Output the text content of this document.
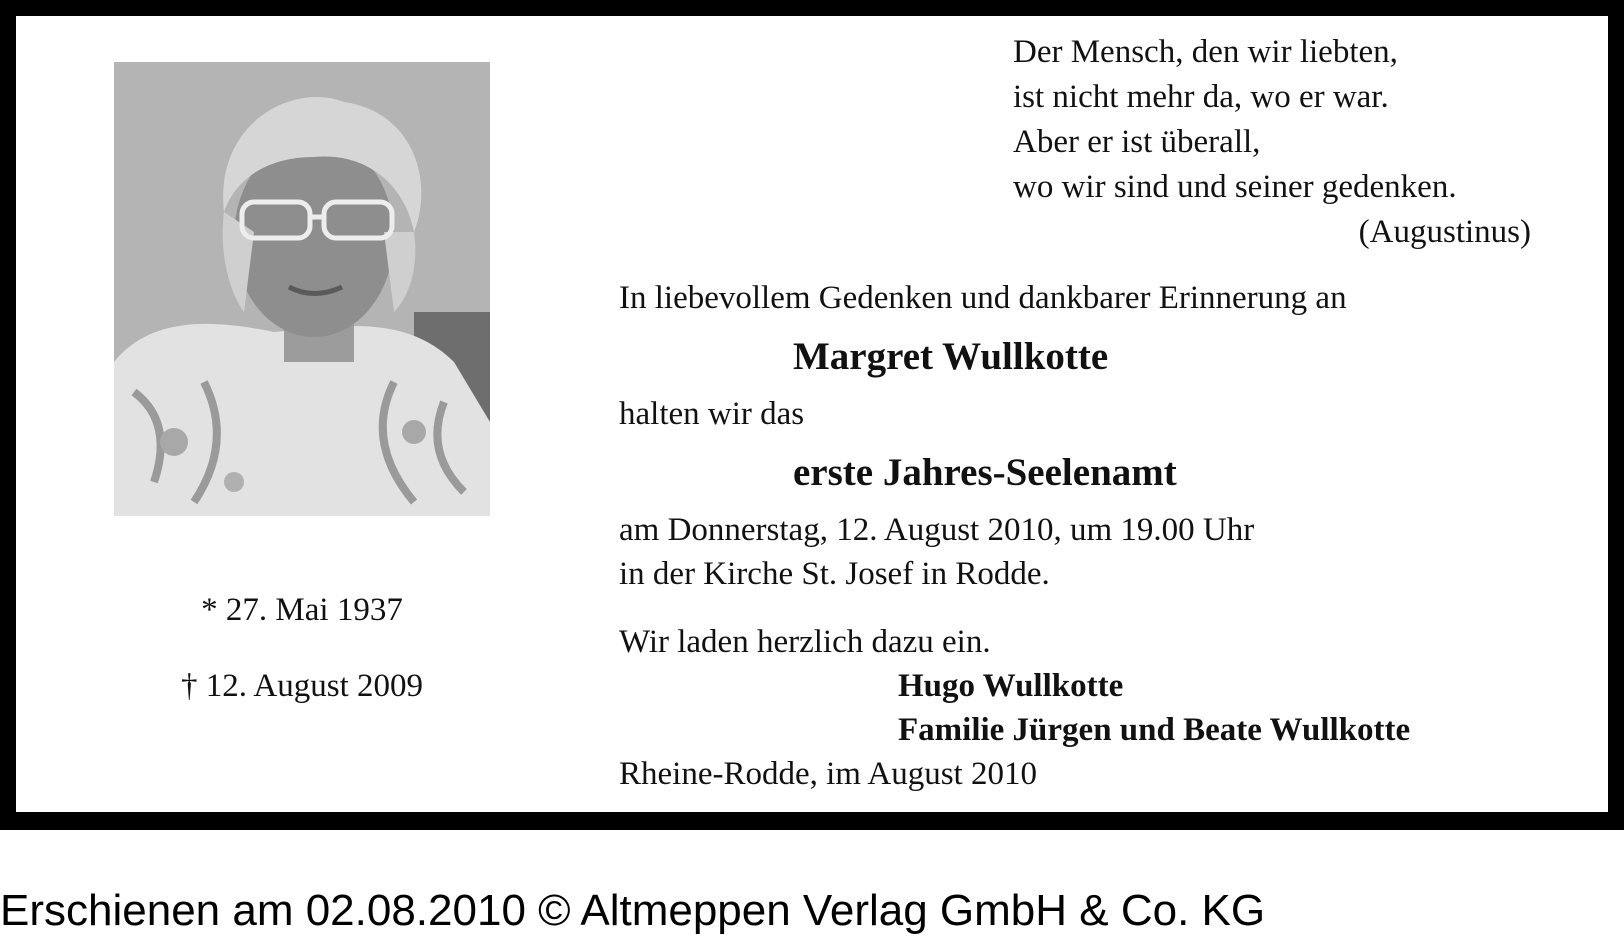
* 27. Mai 1937
† 12. August 2009
Der Mensch, den wir liebten,
ist nicht mehr da, wo er war.
Aber er ist überall,
wo wir sind und seiner gedenken.
(Augustinus)
In liebevollem Gedenken und dankbarer Erinnerung an
Margret Wullkotte
halten wir das
erste Jahres-Seelenamt
am Donnerstag, 12. August 2010, um 19.00 Uhr
in der Kirche St. Josef in Rodde.
Wir laden herzlich dazu ein.
Hugo Wullkotte
Familie Jürgen und Beate Wullkotte
Rheine-Rodde, im August 2010
Erschienen am 02.08.2010 © Altmeppen Verlag GmbH & Co. KG
